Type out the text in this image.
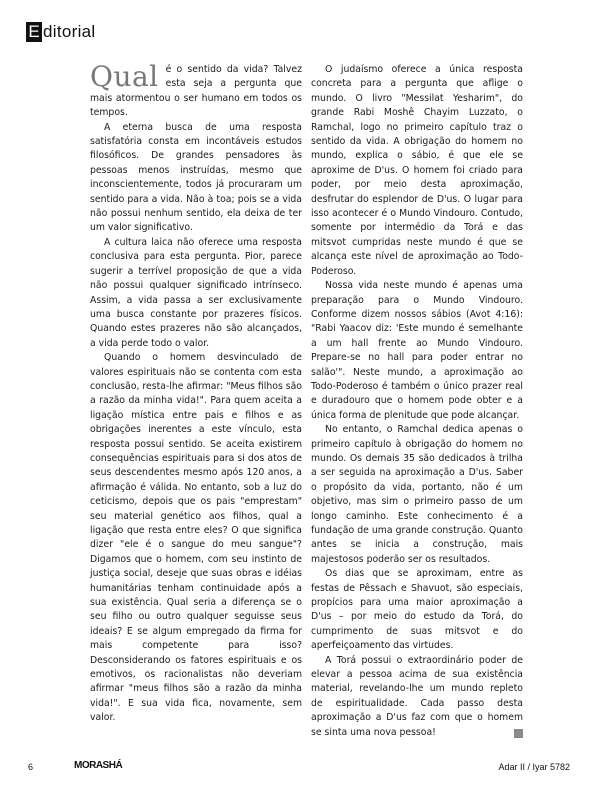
E ditorial

Qual é o sentido da vida? Talvez esta seja a pergunta que mais atormentou o ser humano em todos os tempos.

A eterna busca de uma resposta satisfatória consta em incontáveis estudos filosóficos. De grandes pensadores às pessoas menos instruídas, mesmo que inconscientemente, todos já procuraram um sentido para a vida. Não à toa; pois se a vida não possui nenhum sentido, ela deixa de ter um valor significativo.

A cultura laica não oferece uma resposta conclusiva para esta pergunta. Pior, parece sugerir a terrível proposição de que a vida não possui qualquer significado intrínseco. Assim, a vida passa a ser exclusivamente uma busca constante por prazeres físicos. Quando estes prazeres não são alcançados, a vida perde todo o valor.

Quando o homem desvinculado de valores espirituais não se contenta com esta conclusão, resta-lhe afirmar: "Meus filhos são a razão da minha vida!". Para quem aceita a ligação mística entre pais e filhos e as obrigações inerentes a este vínculo, esta resposta possui sentido. Se aceita existirem consequências espirituais para si dos atos de seus descendentes mesmo após 120 anos, a afirmação é válida. No entanto, sob a luz do ceticismo, depois que os pais "emprestam" seu material genético aos filhos, qual a ligação que resta entre eles? O que significa dizer "ele é o sangue do meu sangue"? Digamos que o homem, com seu instinto de justiça social, deseje que suas obras e idéias humanitárias tenham continuidade após a sua existência. Qual seria a diferença se o seu filho ou outro qualquer seguisse seus ideais? E se algum empregado da firma for mais competente para isso? Desconsiderando os fatores espirituais e os emotivos, os racionalistas não deveriam afirmar "meus filhos são a razão da minha vida!". E sua vida fica, novamente, sem valor.

O judaísmo oferece a única resposta concreta para a pergunta que aflige o mundo. O livro "Messilat Yesharim", do grande Rabi Moshê Chayim Luzzato, o Ramchal, logo no primeiro capítulo traz o sentido da vida. A obrigação do homem no mundo, explica o sábio, é que ele se aproxime de D'us. O homem foi criado para poder, por meio desta aproximação, desfrutar do esplendor de D'us. O lugar para isso acontecer é o Mundo Vindouro. Contudo, somente por intermédio da Torá e das mitsvot cumpridas neste mundo é que se alcança este nível de aproximação ao Todo-Poderoso.

Nossa vida neste mundo é apenas uma preparação para o Mundo Vindouro. Conforme dizem nossos sábios (Avot 4:16): "Rabi Yaacov diz: 'Este mundo é semelhante a um hall frente ao Mundo Vindouro. Prepare-se no hall para poder entrar no salão'". Neste mundo, a aproximação ao Todo-Poderoso é também o único prazer real e duradouro que o homem pode obter e a única forma de plenitude que pode alcançar.

No entanto, o Ramchal dedica apenas o primeiro capítulo à obrigação do homem no mundo. Os demais 35 são dedicados à trilha a ser seguida na aproximação a D'us. Saber o propósito da vida, portanto, não é um objetivo, mas sim o primeiro passo de um longo caminho. Este conhecimento é a fundação de uma grande construção. Quanto antes se inicia a construção, mais majestosos poderão ser os resultados.

Os dias que se aproximam, entre as festas de Pêssach e Shavuot, são especiais, propícios para uma maior aproximação a D'us – por meio do estudo da Torá, do cumprimento de suas mitsvot e do aperfeiçoamento das virtudes.

A Torá possui o extraordinário poder de elevar a pessoa acima de sua existência material, revelando-lhe um mundo repleto de espiritualidade. Cada passo desta aproximação a D'us faz com que o homem se sinta uma nova pessoa!

6	MORASHÁ	Adar II / Iyar 5782
